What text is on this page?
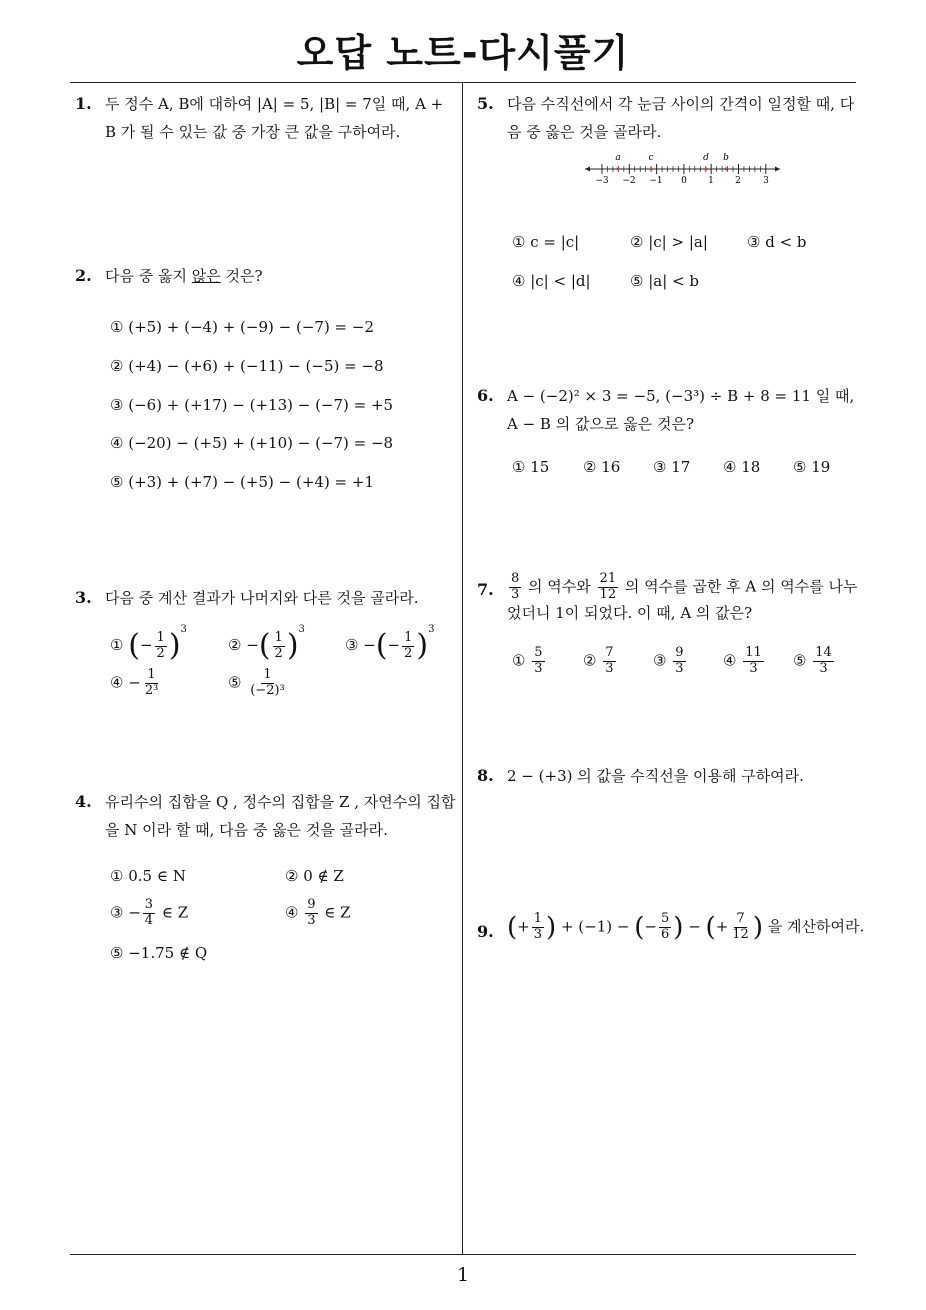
오답 노트-다시풀기
1
1. 두 정수 A, B에 대하여 |A| = 5, |B| = 7일 때, A + B 가 될 수 있는 값 중 가장 큰 값을 구하여라.
2. 다음 중 옳지 않은 것은?
① (+5) + (−4) + (−9) − (−7) = −2
② (+4) − (+6) + (−11) − (−5) = −8
③ (−6) + (+17) − (+13) − (−7) = +5
④ (−20) − (+5) + (+10) − (−7) = −8
⑤ (+3) + (+7) − (+5) − (+4) = +1
3. 다음 중 계산 결과가 나머지와 다른 것을 골라라.
① (− $\frac{1}{2} )^3$
② −( $\frac{1}{2} )^3$
③ −(− $\frac{1}{2} )^3$
④ − $\frac{1}{\text{2³}}$	⑤ $\frac{1}{\text{(−2)³}}$
4. 유리수의 집합을 Q , 정수의 집합을 Z , 자연수의 집합을 N 이라 할 때, 다음 중 옳은 것을 골라라.
① 0.5 ∈ N	② 0 ∉ Z
③ − $\frac{3}{4}$ ∈ Z	④ $\frac{9}{3}$ ∈ Z
⑤ −1.75 ∉ Q
5. 다음 수직선에서 각 눈금 사이의 간격이 일정할 때, 다음 중 옳은 것을 골라라.
a	c	d b
−3 −2 −1 0 1 2 3
① c = |c|	② |c| > |a|	③ d < b
④ |c| < |d|	⑤ |a| < b
6. A − (−2)² × 3 = −5, (−3³) ÷ B + 8 = 11 일 때, A − B 의 값으로 옳은 것은?
① 15 ② 16 ③ 17 ④ 18 ⑤ 19
7. $\frac{8}{3}$ 의 역수와 $\frac{21}{12}$ 의 역수를 곱한 후 A 의 역수를 나누
었더니 1이 되었다. 이 때, A 의 값은?
① $\frac{5}{3}$	② $\frac{7}{3}$ ③ $\frac{9}{3}$ ④ $\frac{11}{3}$ ⑤ $\frac{14}{3}$
8. 2 − (+3) 의 값을 수직선을 이용해 구하여라.
9. (+ $\frac{1}{3}$ ) + (−1) − (− $\frac{5}{6}$ ) − (+ $\frac{7}{12}$ ) 을 계산하여라.
